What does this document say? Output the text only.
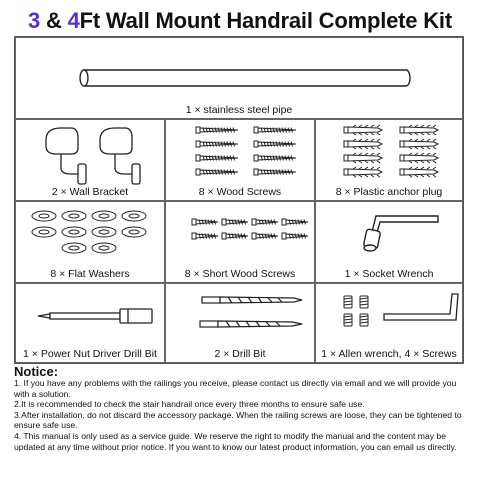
3 & 4Ft Wall Mount Handrail Complete Kit
1 × stainless steel pipe
2 × Wall Bracket	8 × Wood Screws	8 × Plastic anchor plug
8 × Flat Washers	8 × Short Wood Screws	1 × Socket Wrench
1 × Power Nut Driver Drill Bit	2 × Drill Bit	1 × Allen wrench, 4 × Screws
Notice:

1. If you have any problems with the railings you receive, please contact us directly via email and we will provide you with a solution.

2.It is recommended to check the stair handrail once every three months to ensure safe use.

3.After installation, do not discard the accessory package. When the railing screws are loose, they can be tightened to ensure safe use.

4. This manual is only used as a service guide. We reserve the right to modify the manual and the content may be updated at any time without prior notice. If you want to know our latest product information, you can email us directly.
